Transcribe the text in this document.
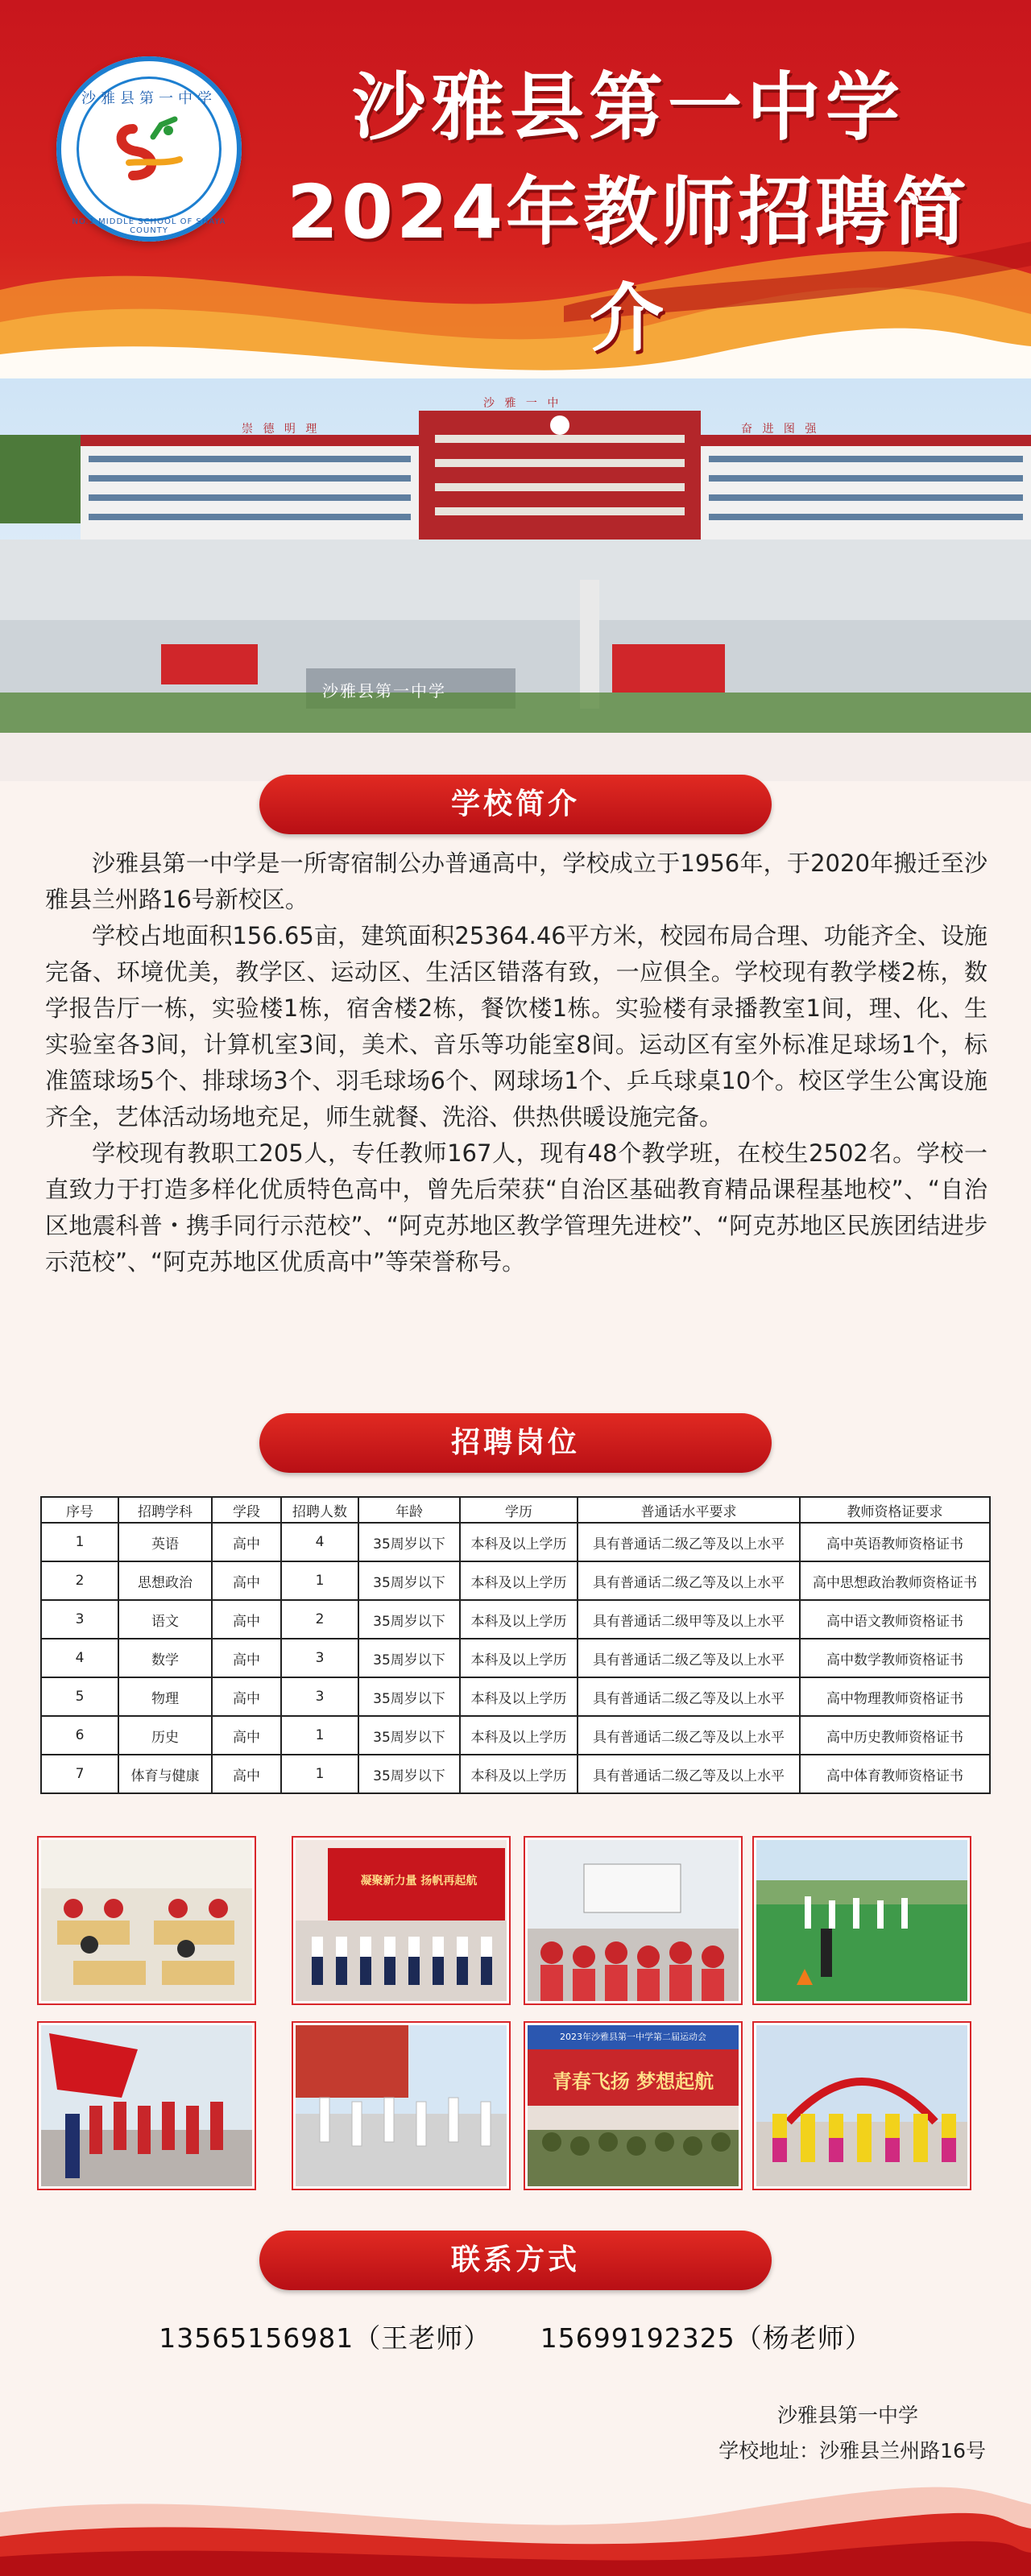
沙雅县第一中学
NO.1 MIDDLE SCHOOL OF SHAYA COUNTY
沙雅县第一中学
2024年教师招聘简介
崇 德 明 理
沙 雅 一 中
奋 进 图 强
沙雅县第一中学
学校简介

沙雅县第一中学是一所寄宿制公办普通高中，学校成立于1956年，于2020年搬迁至沙雅县兰州路16号新校区。

学校占地面积156.65亩，建筑面积25364.46平方米，校园布局合理、功能齐全、设施完备、环境优美，教学区、运动区、生活区错落有致，一应俱全。学校现有教学楼2栋，数学报告厅一栋，实验楼1栋，宿舍楼2栋，餐饮楼1栋。实验楼有录播教室1间，理、化、生实验室各3间，计算机室3间，美术、音乐等功能室8间。运动区有室外标准足球场1个，标准篮球场5个、排球场3个、羽毛球场6个、网球场1个、乒乓球桌10个。校区学生公寓设施齐全，艺体活动场地充足，师生就餐、洗浴、供热供暖设施完备。

学校现有教职工205人，专任教师167人，现有48个教学班，在校生2502名。学校一直致力于打造多样化优质特色高中，曾先后荣获“自治区基础教育精品课程基地校”、“自治区地震科普・携手同行示范校”、“阿克苏地区教学管理先进校”、“阿克苏地区民族团结进步示范校”、“阿克苏地区优质高中”等荣誉称号。

招聘岗位
序号	招聘学科	学段	招聘人数	年龄	学历	普通话水平要求	教师资格证要求
1	英语	高中	4	35周岁以下	本科及以上学历	具有普通话二级乙等及以上水平	高中英语教师资格证书
2	思想政治	高中	1	35周岁以下	本科及以上学历	具有普通话二级乙等及以上水平	高中思想政治教师资格证书
3	语文	高中	2	35周岁以下	本科及以上学历	具有普通话二级甲等及以上水平	高中语文教师资格证书
4	数学	高中	3	35周岁以下	本科及以上学历	具有普通话二级乙等及以上水平	高中数学教师资格证书
5	物理	高中	3	35周岁以下	本科及以上学历	具有普通话二级乙等及以上水平	高中物理教师资格证书
6	历史	高中	1	35周岁以下	本科及以上学历	具有普通话二级乙等及以上水平	高中历史教师资格证书
7	体育与健康	高中	1	35周岁以下	本科及以上学历	具有普通话二级乙等及以上水平	高中体育教师资格证书
凝聚新力量 扬帆再起航
2023年沙雅县第一中学第二届运动会
青春飞扬 梦想起航
联系方式
13565156981（王老师） 15699192325（杨老师）
沙雅县第一中学
学校地址：沙雅县兰州路16号
